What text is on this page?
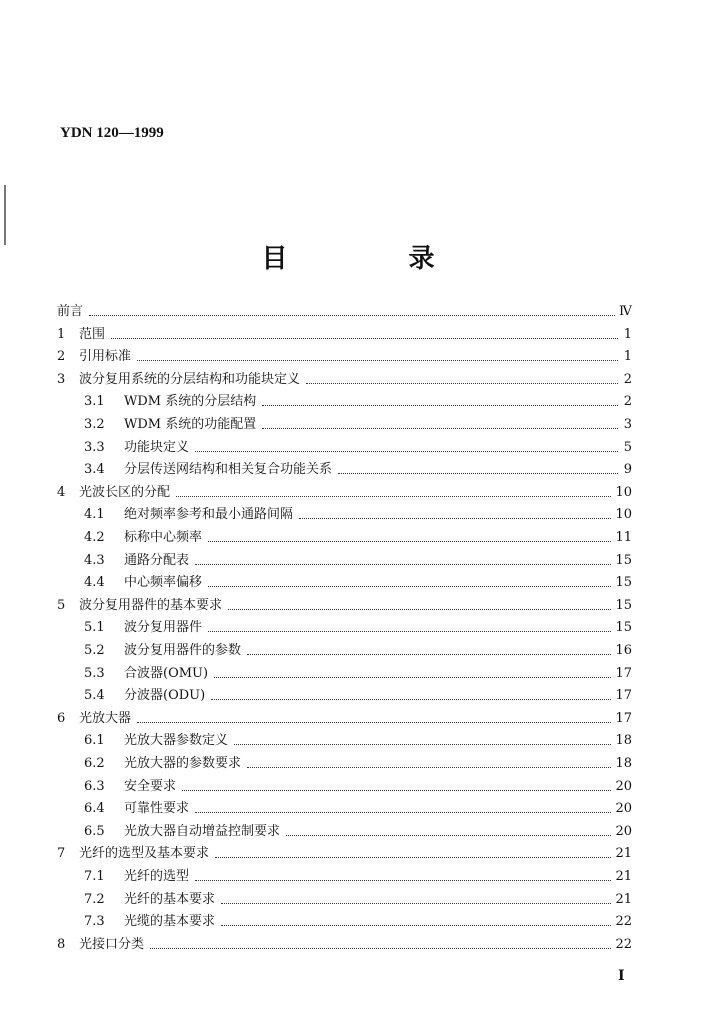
YDN 120—1999
目 录
前言	Ⅳ
1	范围	1
2	引用标准	1
3	波分复用系统的分层结构和功能块定义	2
3.1	WDM 系统的分层结构	2
3.2	WDM 系统的功能配置	3
3.3	功能块定义	5
3.4	分层传送网结构和相关复合功能关系	9
4	光波长区的分配	10
4.1	绝对频率参考和最小通路间隔	10
4.2	标称中心频率	11
4.3	通路分配表	15
4.4	中心频率偏移	15
5	波分复用器件的基本要求	15
5.1	波分复用器件	15
5.2	波分复用器件的参数	16
5.3	合波器(OMU)	17
5.4	分波器(ODU)	17
6	光放大器	17
6.1	光放大器参数定义	18
6.2	光放大器的参数要求	18
6.3	安全要求	20
6.4	可靠性要求	20
6.5	光放大器自动增益控制要求	20
7	光纤的选型及基本要求	21
7.1	光纤的选型	21
7.2	光纤的基本要求	21
7.3	光缆的基本要求	22
8	光接口分类	22
I
